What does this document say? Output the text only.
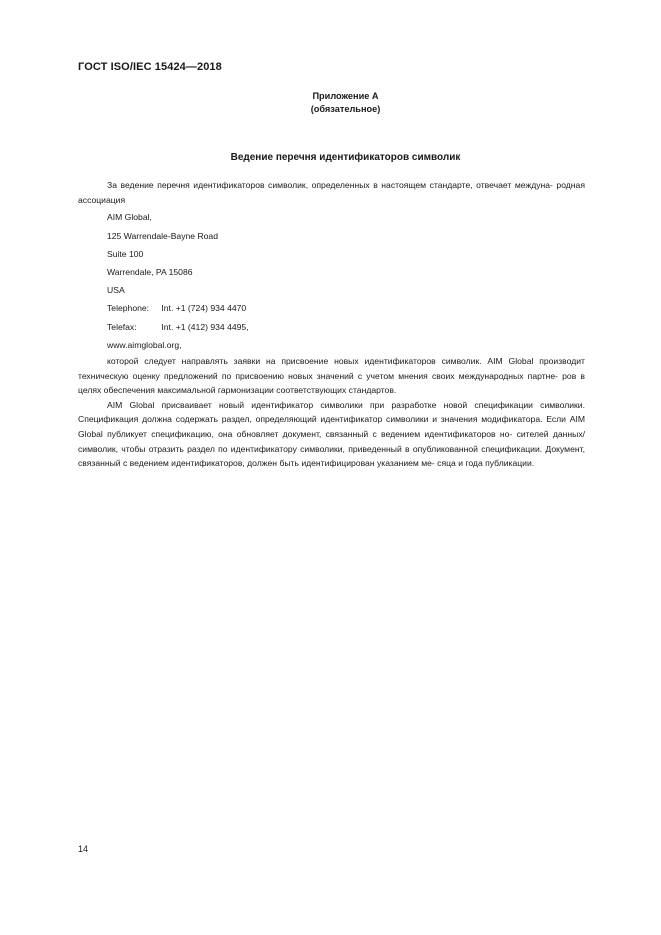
ГОСТ ISO/IEC 15424—2018
Приложение А
(обязательное)
Ведение перечня идентификаторов символик

За ведение перечня идентификаторов символик, определенных в настоящем стандарте, отвечает междуна- родная ассоциация

AIM Global,

125 Warrendale-Bayne Road

Suite 100

Warrendale, PA 15086

USA

Telephone: Int. +1 (724) 934 4470

Telefax:	Int. +1 (412) 934 4495,

www.aimglobal.org,

которой следует направлять заявки на присвоение новых идентификаторов символик. AIM Global производит техническую оценку предложений по присвоению новых значений с учетом мнения своих международных партне- ров в целях обеспечения максимальной гармонизации соответствующих стандартов.

AIM Global присваивает новый идентификатор символики при разработке новой спецификации символики. Спецификация должна содержать раздел, определяющий идентификатор символики и значения модификатора. Если AIM Global публикует спецификацию, она обновляет документ, связанный с ведением идентификаторов но- сителей данных/ символик, чтобы отразить раздел по идентификатору символики, приведенный в опубликованной спецификации. Документ, связанный с ведением идентификаторов, должен быть идентифицирован указанием ме- сяца и года публикации.

14
